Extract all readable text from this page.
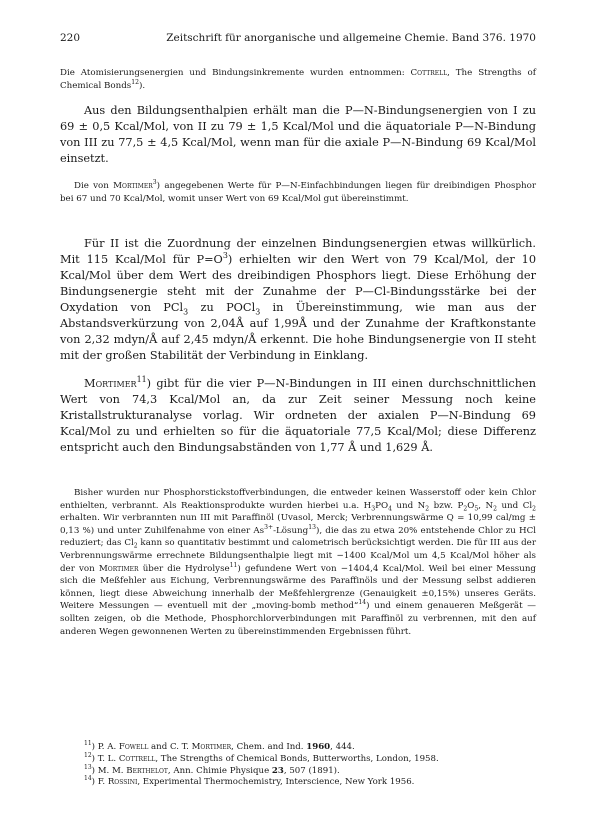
220	Zeitschrift für anorganische und allgemeine Chemie. Band 376. 1970

Die Atomisierungsenergien und Bindungsinkremente wurden entnommen: Cottrell, The Strengths of Chemical Bonds$^{12}$).

Aus den Bildungsenthalpien erhält man die P—N-Bindungsenergien von I zu 69 ± 0,5 Kcal/Mol, von II zu 79 ± 1,5 Kcal/Mol und die äquatoriale P—N-Bindung von III zu 77,5 ± 4,5 Kcal/Mol, wenn man für die axiale P—N-Bindung 69 Kcal/Mol einsetzt.

Die von Mortimer$^3$) angegebenen Werte für P—N-Einfachbindungen liegen für dreibindigen Phosphor bei 67 und 70 Kcal/Mol, womit unser Wert von 69 Kcal/Mol gut übereinstimmt.

Für II ist die Zuordnung der einzelnen Bindungsenergien etwas willkürlich. Mit 115 Kcal/Mol für $P=O^3$) erhielten wir den Wert von 79 Kcal/Mol, der 10 Kcal/Mol über dem Wert des dreibindigen Phosphors liegt. Diese Erhöhung der Bindungsenergie steht mit der Zunahme der P—Cl-Bindungsstärke bei der Oxydation von PCl$_3$ zu POCl$_3$ in Übereinstimmung, wie man aus der Abstandsverkürzung von 2,04Å auf 1,99Å und der Zunahme der Kraftkonstante von 2,32 mdyn/Å auf 2,45 mdyn/Å erkennt. Die hohe Bindungsenergie von II steht mit der großen Stabilität der Verbindung in Einklang.

Mortimer$^{11}$) gibt für die vier P—N-Bindungen in III einen durchschnittlichen Wert von 74,3 Kcal/Mol an, da zur Zeit seiner Messung noch keine Kristallstrukturanalyse vorlag. Wir ordneten der axialen P—N-Bindung 69 Kcal/Mol zu und erhielten so für die äquatoriale 77,5 Kcal/Mol; diese Differenz entspricht auch den Bindungsabständen von 1,77 Å und 1,629 Å.

Bisher wurden nur Phosphorstickstoffverbindungen, die entweder keinen Wasserstoff oder kein Chlor enthielten, verbrannt. Als Reaktionsprodukte wurden hierbei u.a. $H_3PO_4$ und $N_2$ bzw. $P_2O_5$, $N_2$ und $Cl_2$ erhalten. Wir verbrannten nun III mit Paraffinöl (Uvasol, Merck; Verbrennungswärme Q = 10,99 cal/mg ± 0,13 %) und unter Zuhilfenahme von einer $As^{3+}-Lösung^{13}$), die das zu etwa 20% entstehende Chlor zu HCl reduziert; das $Cl_2$ kann so quantitativ bestimmt und calometrisch berücksichtigt werden. Die für III aus der Verbrennungswärme errechnete Bildungsenthalpie liegt mit −1400 Kcal/Mol um 4,5 Kcal/Mol höher als der von Mortimer über die Hydrolyse$^{11}$) gefundene Wert von −1404,4 Kcal/Mol. Weil bei einer Messung sich die Meßfehler aus Eichung, Verbrennungswärme des Paraffinöls und der Messung selbst addieren können, liegt diese Abweichung innerhalb der Meßfehlergrenze (Genauigkeit ±0,15%) unseres Geräts. Weitere Messungen — eventuell mit der „moving-bomb method“$^{14}$) und einem genaueren Meßgerät — sollten zeigen, ob die Methode, Phosphorchlorverbindungen mit Paraffinöl zu verbrennen, mit den auf anderen Wegen gewonnenen Werten zu übereinstimmenden Ergebnissen führt.

$^{11}$) P. A. Fowell and C. T. Mortimer, Chem. and Ind. 1960, 444.
$^{12}$) T. L. Cottrell, The Strengths of Chemical Bonds, Butterworths, London, 1958.
$^{13}$) M. M. Berthelot, Ann. Chimie Physique 23, 507 (1891).
$^{14}$) F. Rossini, Experimental Thermochemistry, Interscience, New York 1956.
